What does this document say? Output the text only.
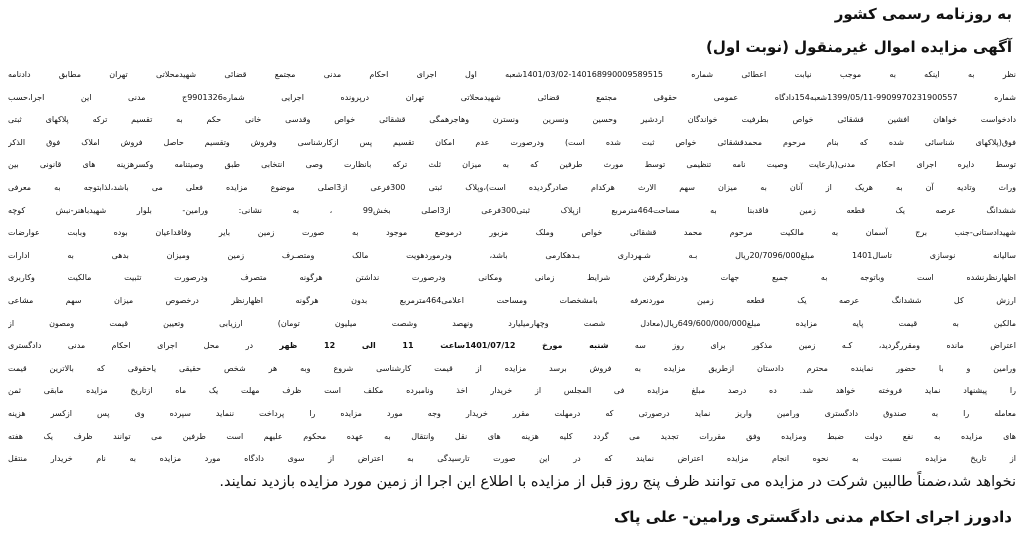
به روزنامه رسمی کشور
آگهی مزایده اموال غیرمنقول (نوبت اول)
نظر به اینکه به موجب نیابت اعطائی شماره 140168990009589515-1401/03/02شعبه اول اجرای احکام مدنی مجتمع قضائی شهیدمحلاتی تهران مطابق دادنامه
شماره 9909970231900557-1399/05/11شعبه154دادگاه عمومی حقوقی مجتمع قضائی شهیدمحلاتی تهران درپرونده اجرایی شماره9901326ج مدنی این اجرا،حسب
دادخواست خواهان افشین قشقائی خواص بطرفیت خواندگان اردشیر وحسین ونسرین ونسترن وهاجرهمگی قشقائی خواص وقدسی خانی حکم به تقسیم ترکه پلاکهای ثبتی
فوق(پلاکهای شناسائی شده که بنام مرحوم محمدقشقائی خواص ثبت شده است) ودرصورت عدم امکان تقسیم پس ازکارشناسی وفروش وتقسیم حاصل فروش املاک فوق الذکر
توسط دایره اجرای احکام مدنی(بارعایت وصیت نامه تنظیمی توسط مورث طرفین که به میزان ثلث ترکه بانظارت وصی انتخابی طبق وصیتنامه وکسرهزینه های قانونی بین
وراث وتادیه آن به هریک از آنان به میزان سهم الارث هرکدام صادرگردیده است)،وپلاک ثبتی 300فرعی از3اصلی موضوع مزایده فعلی می باشد،لذابتوجه به معرفی
ششدانگ عرصه یک قطعه زمین فاقدبنا به مساحت464مترمربع ازپلاک ثبتی300فرعی از3اصلی بخش99 ، به نشانی: ورامین- بلوار شهیدباهنر-نبش کوچه
شهیدادستانی-جنب برج آسمان به مالکیت مرحوم محمد قشقائی خواص وملک مزبور درموضع موجود به صورت زمین بایر وفاقداعیان بوده وبابت عوارضات
سالیانه نوسازی تاسال1401 مبلغ20/7096/000ریال بـه شـهرداری بـدهکارمی باشد، ودرموردهویت مالک ومتصـرف زمین ومیزان بدهی به ادارات
اظهارنظرنشده است وباتوجه به جمیع جهات ودرنظرگرفتن شرایط زمانی ومکانی ودرصورت نداشتن هرگونه متصرف ودرصورت تثبیت مالکیت وکاربری
ارزش کل ششدانگ عرصه یک قطعه زمین موردنعرفه بامشخصات ومساحت اعلامی464مترمربع بدون هرگونه اظهارنظر درخصوص میزان سهم مشاعی
مالکین به قیمت پایه مزایده مبلغ649/600/000/000ریال(معادل شصت وچهارمیلیارد ونهصد وشصت میلیون تومان) ارزیابی وتعیین قیمت ومصون از
اعتراض مانده ومقررگردید، کـه زمین مذکور برای روز سه شنبه مورخ 1401/07/12ساعت 11 الی 12 ظهر در محل اجرای احکام مدنی دادگستری
ورامین و با حضور نماینده محترم دادستان ازطریق مزایده به فروش برسد مزایده از قیمت کارشناسی شروع وبه هر شخص حقیقی یاحقوقی که بالاترین قیمت
را پیشنهاد نماید فروخته خواهد شد. ده درصد مبلغ مزایده فی المجلس از خریدار اخذ ونامبرده مکلف است ظرف مهلت یک ماه ازتاریخ مزایده مابقی ثمن
معامله را به صندوق دادگستری ورامین واریز نماید درصورتی که درمهلت مقرر خریدار وجه مورد مزایده را پرداخت ننماید سپرده وی پس ازکسر هزینه
های مزایده به نفع دولت ضبط ومزایده وفق مقررات تجدید می گردد کلیه هزینه های نقل وانتقال به عهده محکوم علیهم است طرفین می توانند ظرف یک هفته
از تاریخ مزایده نسبت به نحوه انجام مزایده اعتراض نمایند که در این صورت تارسیدگی به اعتراض از سوی دادگاه مورد مزایده به نام خریدار منتقل
نخواهد شد،ضمناً طالبین شرکت در مزایده می توانند ظرف پنج روز قبل از مزایده با اطلاع این اجرا از زمین مورد مزایده بازدید نمایند.
دادورز اجرای احکام مدنی دادگستری ورامین- علی پاک
